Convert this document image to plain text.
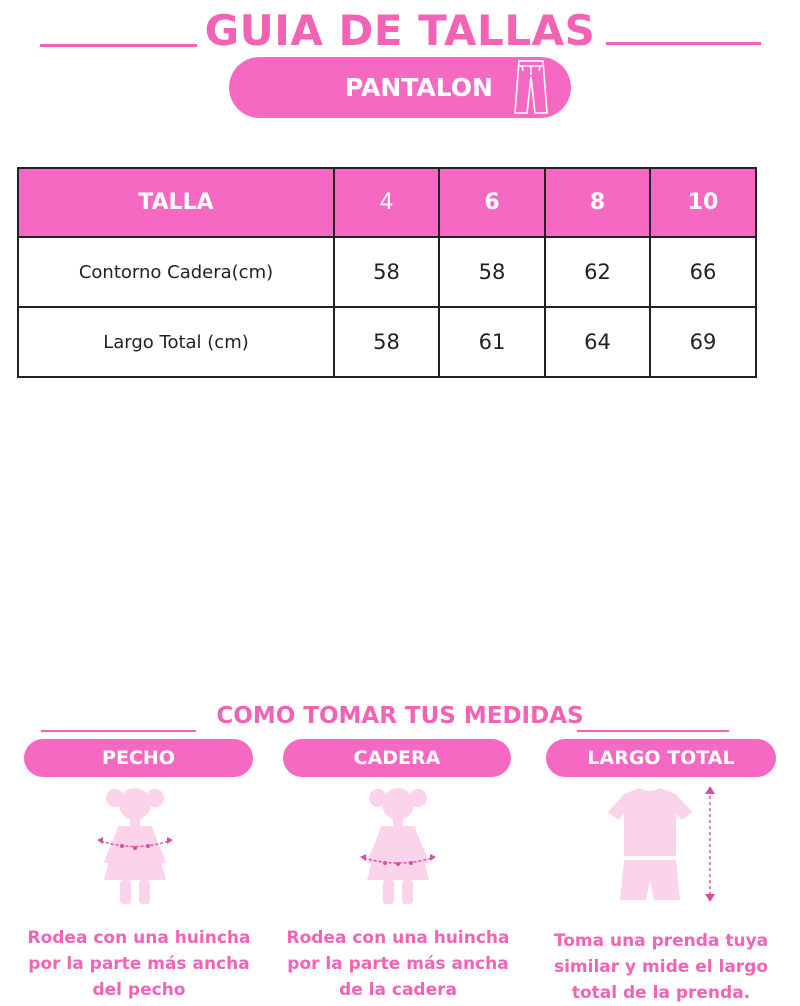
GUIA DE TALLAS
PANTALON
TALLA	4	6	8	10
Contorno Cadera(cm)	58	58	62	66
Largo Total (cm)	58	61	64	69
COMO TOMAR TUS MEDIDAS
PECHO	CADERA	LARGO TOTAL
Rodea con una huincha
por la parte más ancha
del pecho
Rodea con una huincha
por la parte más ancha
de la cadera
Toma una prenda tuya
similar y mide el largo
total de la prenda.
